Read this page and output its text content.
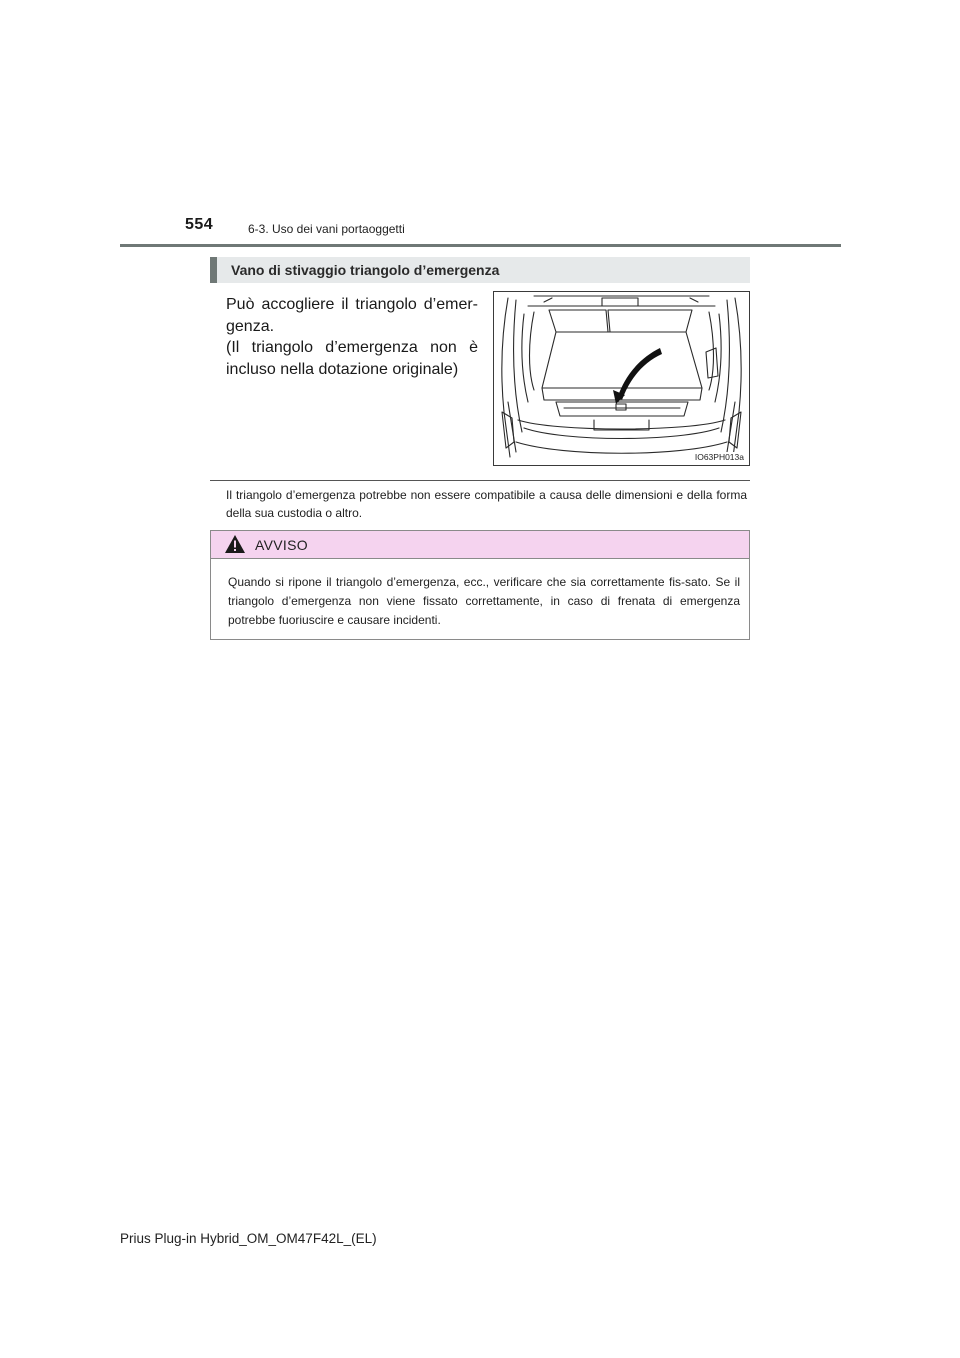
554	6-3. Uso dei vani portaoggetti
Vano di stivaggio triangolo d’emergenza

Può accogliere il triangolo d’emer-genza.

(Il triangolo d’emergenza non è incluso nella dotazione originale)

IO63PH013a
Il triangolo d’emergenza potrebbe non essere compatibile a causa delle dimensioni e della forma della sua custodia o altro.
AVVISO
Quando si ripone il triangolo d’emergenza, ecc., verificare che sia correttamente fis-sato. Se il triangolo d’emergenza non viene fissato correttamente, in caso di frenata di emergenza potrebbe fuoriuscire e causare incidenti.
Prius Plug-in Hybrid_OM_OM47F42L_(EL)
